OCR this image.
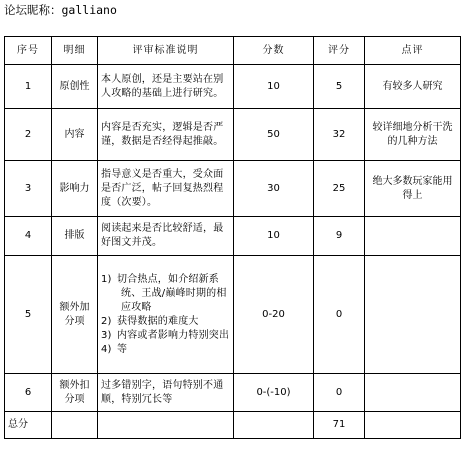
论坛昵称：galliano
序号	明细	评审标准说明	分数	评分	点评
1	原创性	本人原创，还是主要站在别人攻略的基础上进行研究。	10	5	有较多人研究
2	内容	内容是否充实，逻辑是否严谨，数据是否经得起推敲。	50	32	较详细地分析干洗的几种方法
3	影响力	指导意义是否重大，受众面是否广泛，帖子回复热烈程度（次要）。	30	25	绝大多数玩家能用得上
4	排版	阅读起来是否比较舒适，最好图文并茂。	10	9	
5	额外加分项	1) 切合热点，如介绍新系统、王战/巅峰时期的相应攻略
2) 获得数据的难度大
3) 内容或者影响力特别突出
4) 等	0-20	0	
6	额外扣分项	过多错别字，语句特别不通顺，特别冗长等	0-(-10)	0	
总分				71	
